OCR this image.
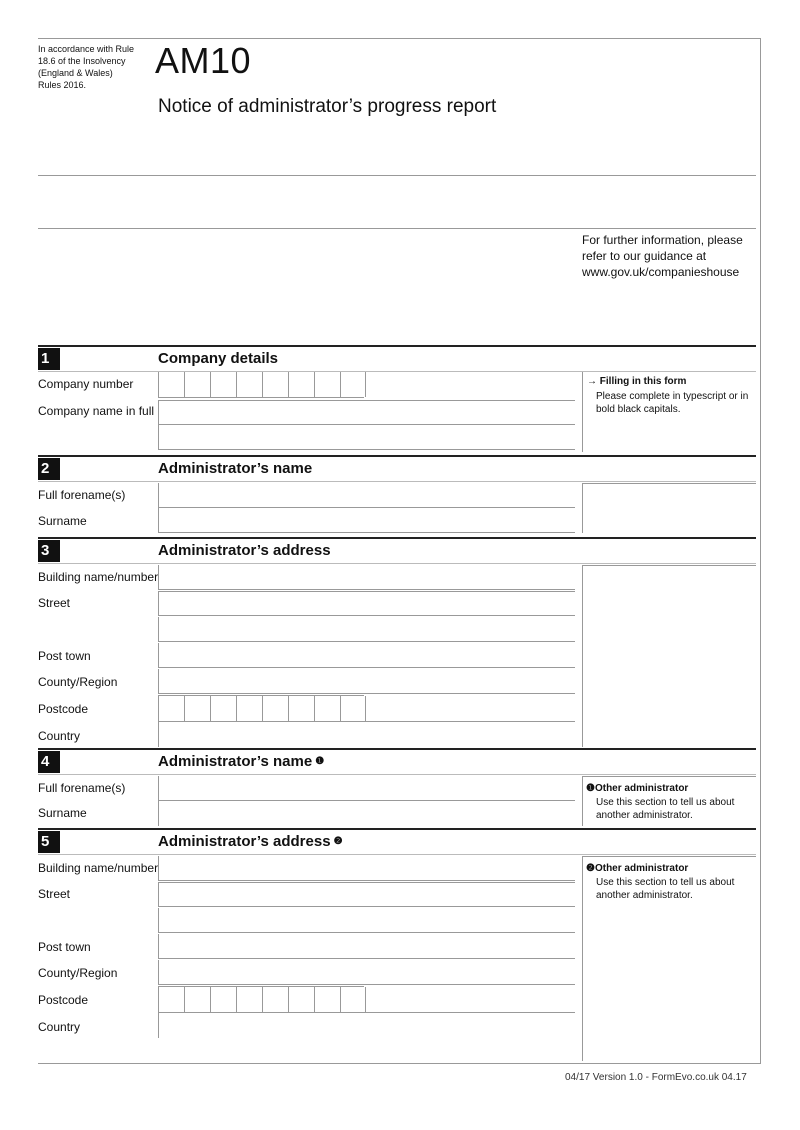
In accordance with Rule 18.6 of the Insolvency (England & Wales) Rules 2016.
AM10
Notice of administrator’s progress report
For further information, please refer to our guidance at www.gov.uk/companieshouse
1	Company details
Company number
Company name in full
→ Filling in this form
Please complete in typescript or in bold black capitals.
2	Administrator’s name
Full forename(s)
Surname
3	Administrator’s address
Building name/number
Street
Post town
County/Region
Postcode
Country
4	Administrator’s name $^❶$
Full forename(s)
Surname
❶Other administrator
Use this section to tell us about another administrator.
5	Administrator’s address $^❷$
Building name/number
Street
Post town
County/Region
Postcode
Country
❷Other administrator
Use this section to tell us about another administrator.
04/17 Version 1.0 - FormEvo.co.uk 04.17
